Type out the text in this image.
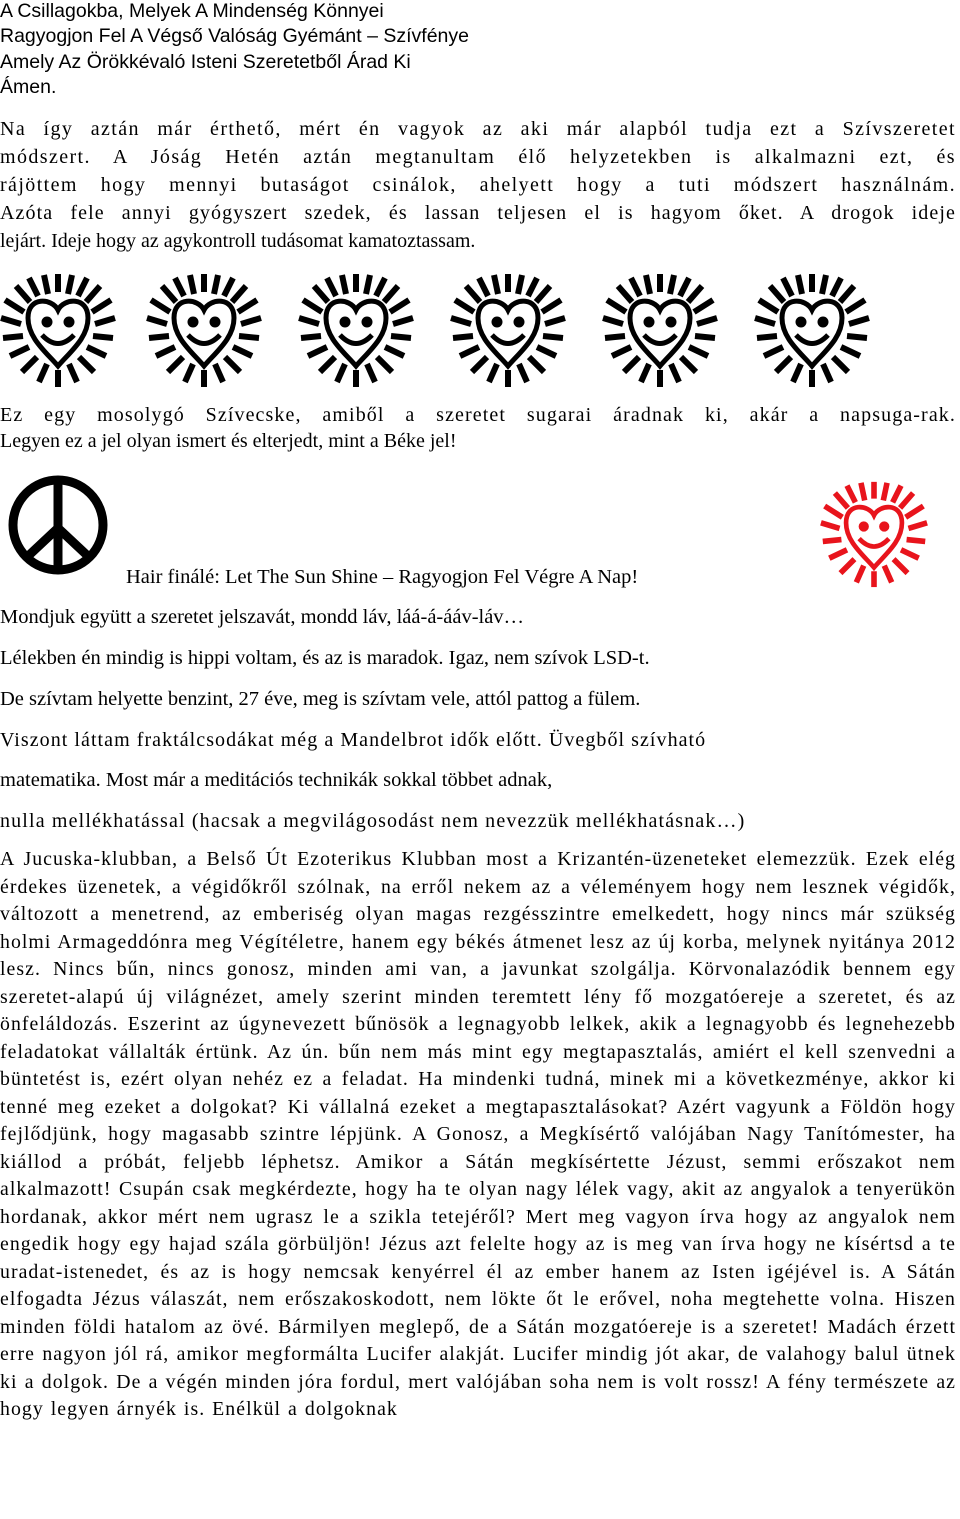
A Csillagokba, Melyek A Mindenség Könnyei
Ragyogjon Fel A Végső Valóság Gyémánt – Szívfénye
Amely Az Örökkévaló Isteni Szeretetből Árad Ki
Ámen.
Na így aztán már érthető, mért én vagyok az aki már alapból tudja ezt a Szívszeretet
módszert. A Jóság Hetén aztán megtanultam élő helyzetekben is alkalmazni ezt, és
rájöttem hogy mennyi butaságot csinálok, ahelyett hogy a tuti módszert használnám.
Azóta fele annyi gyógyszert szedek, és lassan teljesen el is hagyom őket. A drogok ideje
lejárt. Ideje hogy az agykontroll tudásomat kamatoztassam.
Ez egy mosolygó Szívecske, amiből a szeretet sugarai áradnak ki, akár a napsuga-rak.
Legyen ez a jel olyan ismert és elterjedt, mint a Béke jel!
Hair finálé: Let The Sun Shine – Ragyogjon Fel Végre A Nap!
Mondjuk együtt a szeretet jelszavát, mondd láv, láá-á-ááv-láv…
Lélekben én mindig is hippi voltam, és az is maradok. Igaz, nem szívok LSD-t.
De szívtam helyette benzint, 27 éve, meg is szívtam vele, attól pattog a fülem.
Viszont láttam fraktálcsodákat még a Mandelbrot idők előtt. Üvegből szívható
matematika. Most már a meditációs technikák sokkal többet adnak,
nulla mellékhatással (hacsak a megvilágosodást nem nevezzük mellékhatásnak…)

A Jucuska-klubban, a Belső Út Ezoterikus Klubban most a Krizantén-üzeneteket elemezzük. Ezek elég érdekes üzenetek, a végidőkről szólnak, na erről nekem az a véleményem hogy nem lesznek végidők, változott a menetrend, az emberiség olyan magas rezgésszintre emelkedett, hogy nincs már szükség holmi Armageddónra meg Végítéletre, hanem egy békés átmenet lesz az új korba, melynek nyitánya 2012 lesz. Nincs bűn, nincs gonosz, minden ami van, a javunkat szolgálja. Körvonalazódik bennem egy szeretet-alapú új világnézet, amely szerint minden teremtett lény fő mozgatóereje a szeretet, és az önfeláldozás. Eszerint az úgynevezett bűnösök a legnagyobb lelkek, akik a legnagyobb és legnehezebb feladatokat vállalták értünk. Az ún. bűn nem más mint egy megtapasztalás, amiért el kell szenvedni a büntetést is, ezért olyan nehéz ez a feladat. Ha mindenki tudná, minek mi a következménye, akkor ki tenné meg ezeket a dolgokat? Ki vállalná ezeket a megtapasztalásokat? Azért vagyunk a Földön hogy fejlődjünk, hogy magasabb szintre lépjünk. A Gonosz, a Megkísértő valójában Nagy Tanítómester, ha kiállod a próbát, feljebb léphetsz. Amikor a Sátán megkísértette Jézust, semmi erőszakot nem alkalmazott! Csupán csak megkérdezte, hogy ha te olyan nagy lélek vagy, akit az angyalok a tenyerükön hordanak, akkor mért nem ugrasz le a szikla tetejéről? Mert meg vagyon írva hogy az angyalok nem engedik hogy egy hajad szála görbüljön! Jézus azt felelte hogy az is meg van írva hogy ne kísértsd a te uradat-istenedet, és az is hogy nemcsak kenyérrel él az ember hanem az Isten igéjével is. A Sátán elfogadta Jézus válaszát, nem erőszakoskodott, nem lökte őt le erővel, noha megtehette volna. Hiszen minden földi hatalom az övé. Bármilyen meglepő, de a Sátán mozgatóereje is a szeretet! Madách érzett erre nagyon jól rá, amikor megformálta Lucifer alakját. Lucifer mindig jót akar, de valahogy balul ütnek ki a dolgok. De a végén minden jóra fordul, mert valójában soha nem is volt rossz! A fény természete az hogy legyen árnyék is. Enélkül a dolgoknak
